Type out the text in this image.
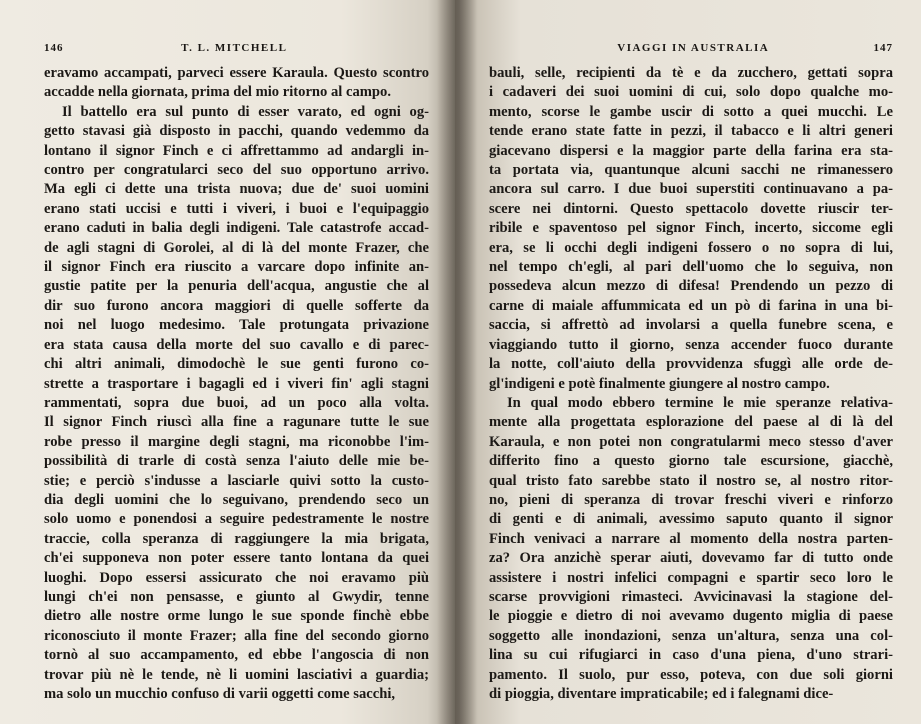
146	T. L. MITCHELL
eravamo accampati, parveci essere Karaula. Questo scontro
accadde nella giornata, prima del mio ritorno al campo.
Il battello era sul punto di esser varato, ed ogni og-
getto stavasi già disposto in pacchi, quando vedemmo da
lontano il signor Finch e ci affrettammo ad andargli in-
contro per congratularci seco del suo opportuno arrivo.
Ma egli ci dette una trista nuova; due de' suoi uomini
erano stati uccisi e tutti i viveri, i buoi e l'equipaggio
erano caduti in balia degli indigeni. Tale catastrofe accad-
de agli stagni di Gorolei, al di là del monte Frazer, che
il signor Finch era riuscito a varcare dopo infinite an-
gustie patite per la penuria dell'acqua, angustie che al
dir suo furono ancora maggiori di quelle sofferte da
noi nel luogo medesimo. Tale protungata privazione
era stata causa della morte del suo cavallo e di parec-
chi altri animali, dimodochè le sue genti furono co-
strette a trasportare i bagagli ed i viveri fin' agli stagni
rammentati, sopra due buoi, ad un poco alla volta.
Il signor Finch riuscì alla fine a ragunare tutte le sue
robe presso il margine degli stagni, ma riconobbe l'im-
possibilità di trarle di costà senza l'aiuto delle mie be-
stie; e perciò s'indusse a lasciarle quivi sotto la custo-
dia degli uomini che lo seguivano, prendendo seco un
solo uomo e ponendosi a seguire pedestramente le nostre
traccie, colla speranza di raggiungere la mia brigata,
ch'ei supponeva non poter essere tanto lontana da quei
luoghi. Dopo essersi assicurato che noi eravamo più
lungi ch'ei non pensasse, e giunto al Gwydir, tenne
dietro alle nostre orme lungo le sue sponde finchè ebbe
riconosciuto il monte Frazer; alla fine del secondo giorno
tornò al suo accampamento, ed ebbe l'angoscia di non
trovar più nè le tende, nè li uomini lasciativi a guardia;
ma solo un mucchio confuso di varii oggetti come sacchi,
VIAGGI IN AUSTRALIA	147
bauli, selle, recipienti da tè e da zucchero, gettati sopra
i cadaveri dei suoi uomini di cui, solo dopo qualche mo-
mento, scorse le gambe uscir di sotto a quei mucchi. Le
tende erano state fatte in pezzi, il tabacco e li altri generi
giacevano dispersi e la maggior parte della farina era sta-
ta portata via, quantunque alcuni sacchi ne rimanessero
ancora sul carro. I due buoi superstiti continuavano a pa-
scere nei dintorni. Questo spettacolo dovette riuscir ter-
ribile e spaventoso pel signor Finch, incerto, siccome egli
era, se li occhi degli indigeni fossero o no sopra di lui,
nel tempo ch'egli, al pari dell'uomo che lo seguiva, non
possedeva alcun mezzo di difesa! Prendendo un pezzo di
carne di maiale affummicata ed un pò di farina in una bi-
saccia, si affrettò ad involarsi a quella funebre scena, e
viaggiando tutto il giorno, senza accender fuoco durante
la notte, coll'aiuto della provvidenza sfuggì alle orde de-
gl'indigeni e potè finalmente giungere al nostro campo.
In qual modo ebbero termine le mie speranze relativa-
mente alla progettata esplorazione del paese al di là del
Karaula, e non potei non congratularmi meco stesso d'aver
differito fino a questo giorno tale escursione, giacchè,
qual tristo fato sarebbe stato il nostro se, al nostro ritor-
no, pieni di speranza di trovar freschi viveri e rinforzo
di genti e di animali, avessimo saputo quanto il signor
Finch venivaci a narrare al momento della nostra parten-
za? Ora anzichè sperar aiuti, dovevamo far di tutto onde
assistere i nostri infelici compagni e spartir seco loro le
scarse provvigioni rimasteci. Avvicinavasi la stagione del-
le pioggie e dietro di noi avevamo dugento miglia di paese
soggetto alle inondazioni, senza un'altura, senza una col-
lina su cui rifugiarci in caso d'una piena, d'uno strari-
pamento. Il suolo, pur esso, poteva, con due soli giorni
di pioggia, diventare impraticabile; ed i falegnami dice-
